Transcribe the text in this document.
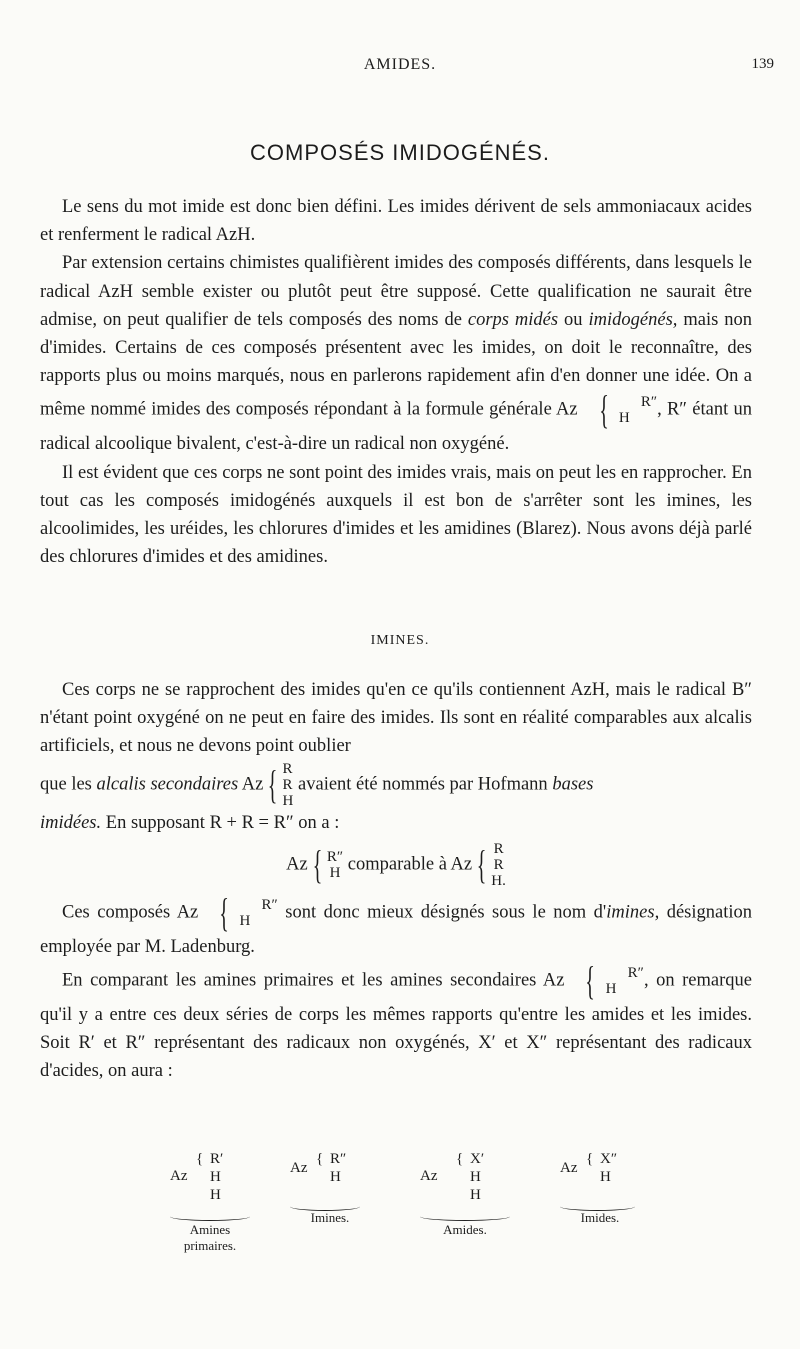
AMIDES.	139
COMPOSÉS IMIDOGÉNÉS.

Le sens du mot imide est donc bien défini. Les imides dérivent de sels ammoniacaux acides et renferment le radical AzH.

Par extension certains chimistes qualifièrent imides des composés différents, dans lesquels le radical AzH semble exister ou plutôt peut être supposé. Cette qualification ne saurait être admise, on peut qualifier de tels composés des noms de corps midés ou imidogénés, mais non d'imides. Certains de ces composés présentent avec les imides, on doit le reconnaître, des rapports plus ou moins marqués, nous en parlerons rapidement afin d'en donner une idée. On a même nommé imides des composés répondant à la formule générale Az { R″
H , R″ étant un radical alcoolique bivalent, c'est-à-dire un radical non oxygéné.

Il est évident que ces corps ne sont point des imides vrais, mais on peut les en rapprocher. En tout cas les composés imidogénés auxquels il est bon de s'arrêter sont les imines, les alcoolimides, les uréides, les chlorures d'imides et les amidines (Blarez). Nous avons déjà parlé des chlorures d'imides et des amidines.

IMINES.

Ces corps ne se rapprochent des imides qu'en ce qu'ils contiennent AzH, mais le radical B″ n'étant point oxygéné on ne peut en faire des imides. Ils sont en réalité comparables aux alcalis artificiels, et nous ne devons point oublier

que les alcalis secondaires Az { R
R
H avaient été nommés par Hofmann bases

imidées. En supposant R + R = R″ on a :

Az { R″
H comparable à Az { R
R
H.

Ces composés Az { R″
H sont donc mieux désignés sous le nom d'imines, désignation employée par M. Ladenburg.

En comparant les amines primaires et les amines secondaires Az { R″
H , on remarque qu'il y a entre ces deux séries de corps les mêmes rapports qu'entre les amides et les imides. Soit R′ et R″ représentant des radicaux non oxygénés, X′ et X″ représentant des radicaux d'acides, on aura :

Az
{ R′
H
H
Amines primaires.
Az
{ R″
H
Imines.
Az
{ X′
H
H
Amides.
Az
{ X″
H
Imides.
